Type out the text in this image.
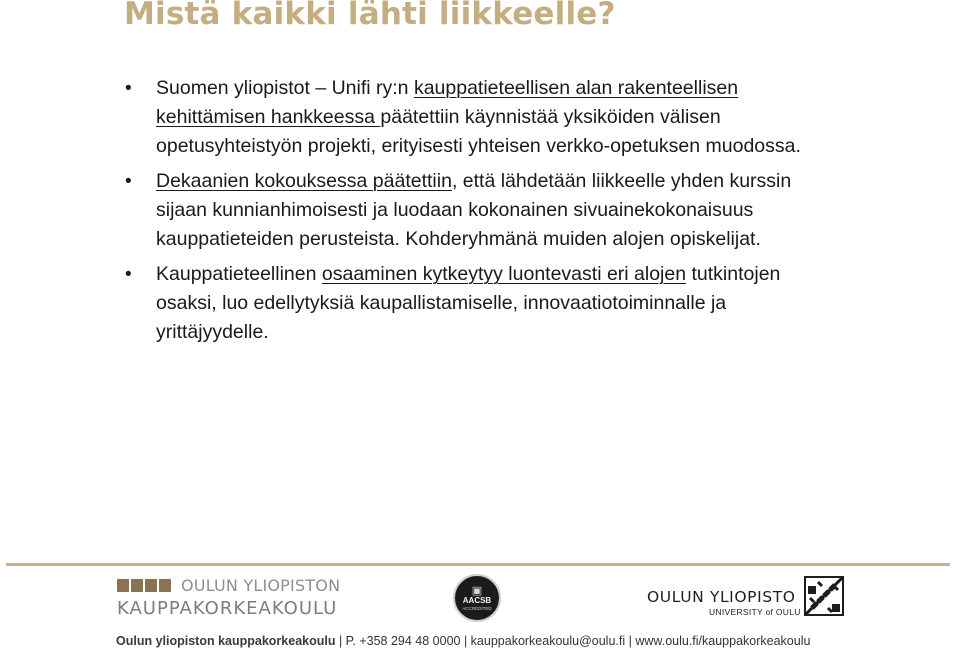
Mistä kaikki lähti liikkeelle?
• Suomen yliopistot – Unifi ry:n kauppatieteellisen alan rakenteellisen kehittämisen hankkeessa päätettiin käynnistää yksiköiden välisen opetusyhteistyön projekti, erityisesti yhteisen verkko-opetuksen muodossa.
• Dekaanien kokouksessa päätettiin, että lähdetään liikkeelle yhden kurssin sijaan kunnianhimoisesti ja luodaan kokonainen sivuainekokonaisuus kauppatieteiden perusteista. Kohderyhmänä muiden alojen opiskelijat.
• Kauppatieteellinen osaaminen kytkeytyy luontevasti eri alojen tutkintojen osaksi, luo edellytyksiä kaupallistamiselle, innovaatiotoiminnalle ja yrittäjyydelle.
OULUN YLIOPISTON
KAUPPAKORKEAKOULU
▣
AACSB
ACCREDITED
OULUN YLIOPISTO
UNIVERSITY of OULU
Oulun yliopiston kauppakorkeakoulu | P. +358 294 48 0000 | kauppakorkeakoulu@oulu.fi | www.oulu.fi/kauppakorkeakoulu
